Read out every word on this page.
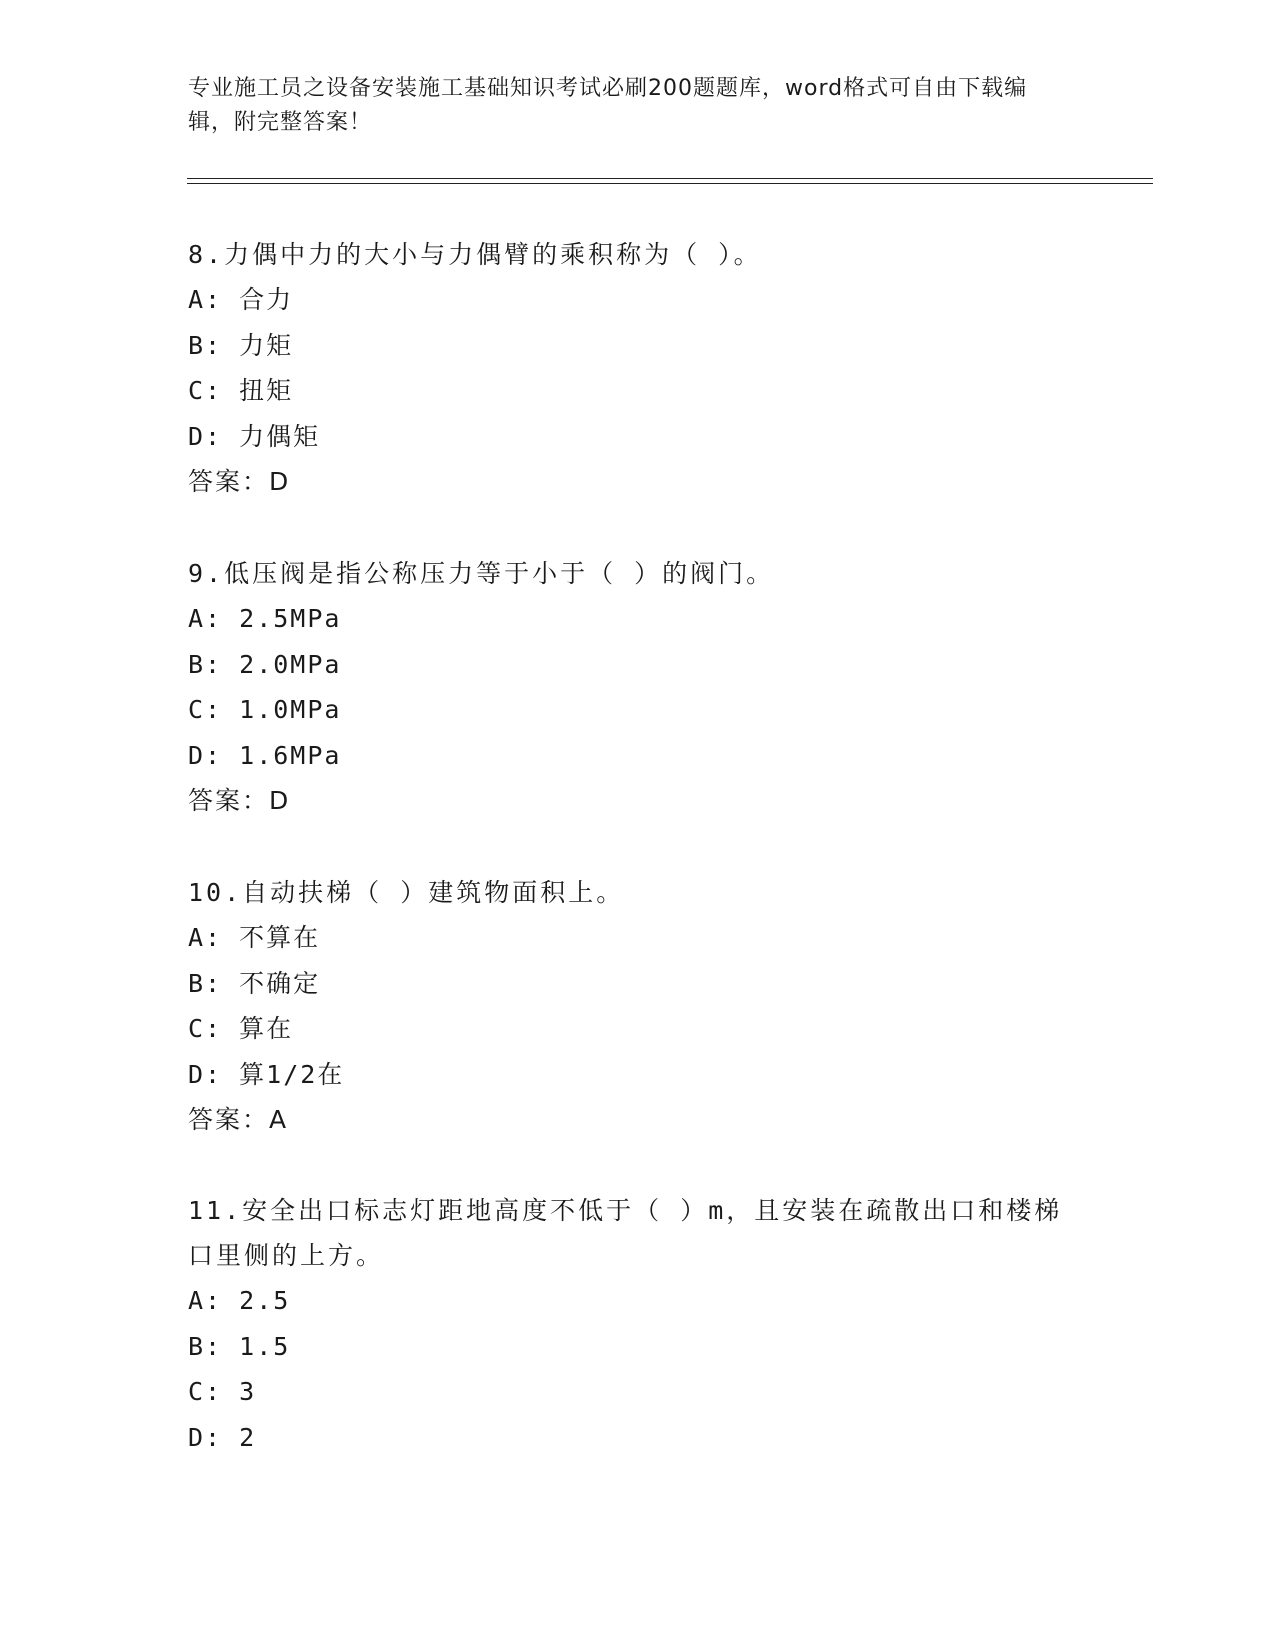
专业施工员之设备安装施工基础知识考试必刷200题题库，word格式可自由下载编辑，附完整答案！

8.力偶中力的大小与力偶臂的乘积称为（ ）。

A: 合力

B: 力矩

C: 扭矩

D: 力偶矩

答案：D

9.低压阀是指公称压力等于小于（ ）的阀门。

A: 2.5MPa

B: 2.0MPa

C: 1.0MPa

D: 1.6MPa

答案：D

10.自动扶梯（ ）建筑物面积上。

A: 不算在

B: 不确定

C: 算在

D: 算1/2在

答案：A

11.安全出口标志灯距地高度不低于（ ）m，且安装在疏散出口和楼梯

口里侧的上方。

A: 2.5

B: 1.5

C: 3

D: 2
